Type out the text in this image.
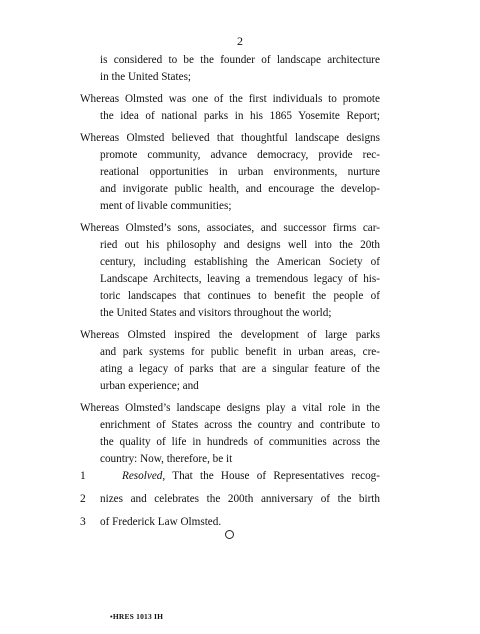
2
is considered to be the founder of landscape architecture
in the United States;
Whereas Olmsted was one of the first individuals to promote
the idea of national parks in his 1865 Yosemite Report;
Whereas Olmsted believed that thoughtful landscape designs
promote community, advance democracy, provide rec-
reational opportunities in urban environments, nurture
and invigorate public health, and encourage the develop-
ment of livable communities;
Whereas Olmsted’s sons, associates, and successor firms car-
ried out his philosophy and designs well into the 20th
century, including establishing the American Society of
Landscape Architects, leaving a tremendous legacy of his-
toric landscapes that continues to benefit the people of
the United States and visitors throughout the world;
Whereas Olmsted inspired the development of large parks
and park systems for public benefit in urban areas, cre-
ating a legacy of parks that are a singular feature of the
urban experience; and
Whereas Olmsted’s landscape designs play a vital role in the
enrichment of States across the country and contribute to
the quality of life in hundreds of communities across the
country: Now, therefore, be it
1	Resolved, That the House of Representatives recog-
2	nizes and celebrates the 200th anniversary of the birth
3	of Frederick Law Olmsted.
•HRES 1013 IH
